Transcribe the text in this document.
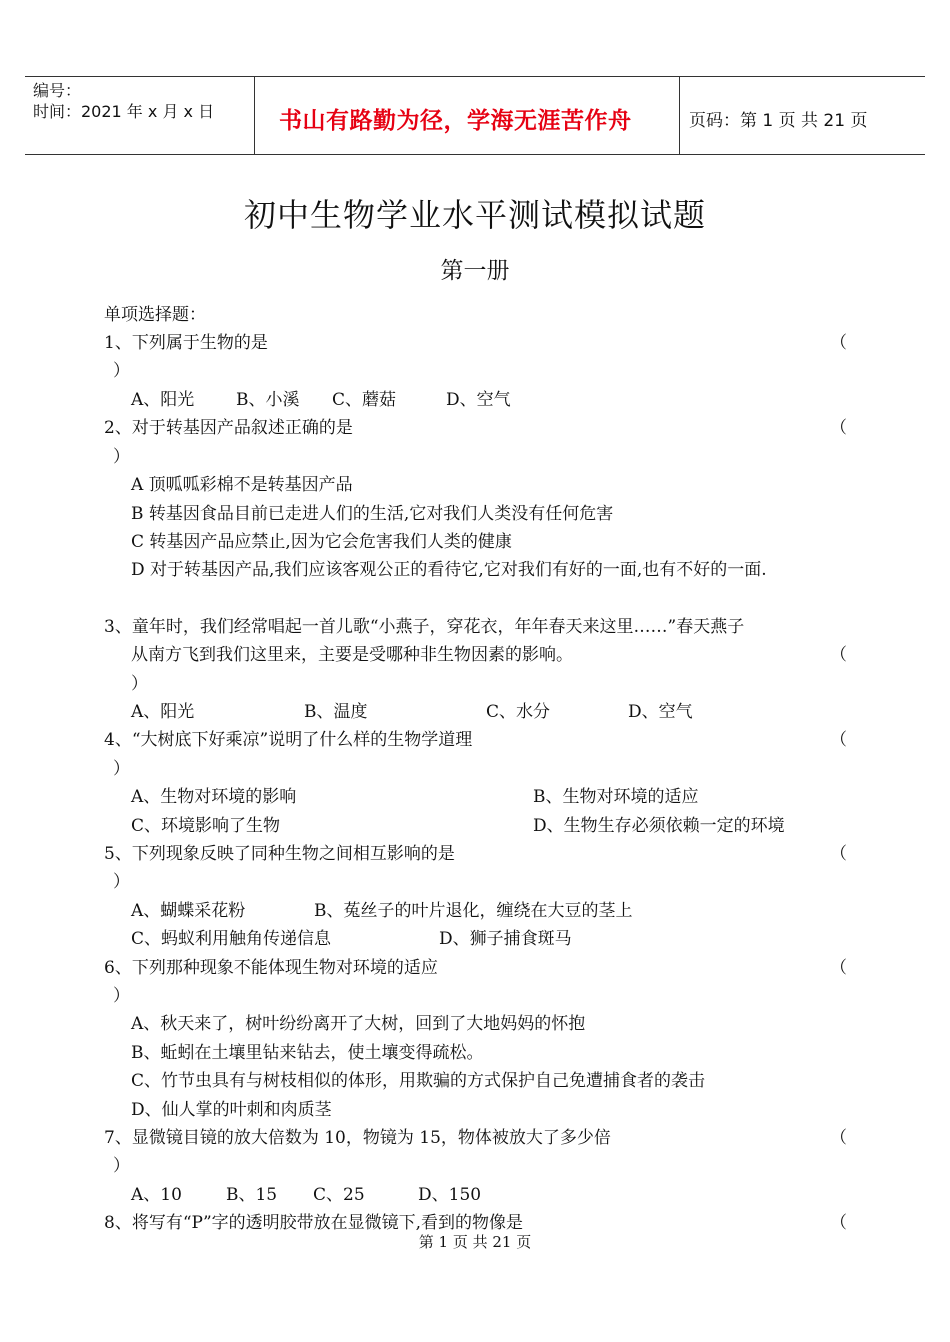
编号：
时间：2021 年 x 月 x 日	书山有路勤为径，学海无涯苦作舟	页码：第 1 页 共 21 页
初中生物学业水平测试模拟试题
第一册
单项选择题：
1、下列属于生物的是	（
）
A、阳光 B、小溪 C、蘑菇	D、空气
2、对于转基因产品叙述正确的是	（
）
A 顶呱呱彩棉不是转基因产品
B 转基因食品目前已走进人们的生活,它对我们人类没有任何危害
C 转基因产品应禁止,因为它会危害我们人类的健康
D 对于转基因产品,我们应该客观公正的看待它,它对我们有好的一面,也有不好的一面.
3、童年时，我们经常唱起一首儿歌“小燕子，穿花衣，年年春天来这里……”春天燕子
从南方飞到我们这里来，主要是受哪种非生物因素的影响。	（
）
A、阳光	B、温度	C、水分	D、空气
4、“大树底下好乘凉”说明了什么样的生物学道理	（
）
A、生物对环境的影响	B、生物对环境的适应
C、环境影响了生物	D、生物生存必须依赖一定的环境
5、下列现象反映了同种生物之间相互影响的是	（
）
A、蝴蝶采花粉	B、菟丝子的叶片退化，缠绕在大豆的茎上
C、蚂蚁利用触角传递信息	D、狮子捕食斑马
6、下列那种现象不能体现生物对环境的适应	（
）
A、秋天来了，树叶纷纷离开了大树，回到了大地妈妈的怀抱
B、蚯蚓在土壤里钻来钻去，使土壤变得疏松。
C、竹节虫具有与树枝相似的体形，用欺骗的方式保护自己免遭捕食者的袭击
D、仙人掌的叶刺和肉质茎
7、显微镜目镜的放大倍数为 10，物镜为 15，物体被放大了多少倍	（
）
A、10	B、15 C、25	D、150
8、将写有“P”字的透明胶带放在显微镜下,看到的物像是	（
第 1 页 共 21 页
